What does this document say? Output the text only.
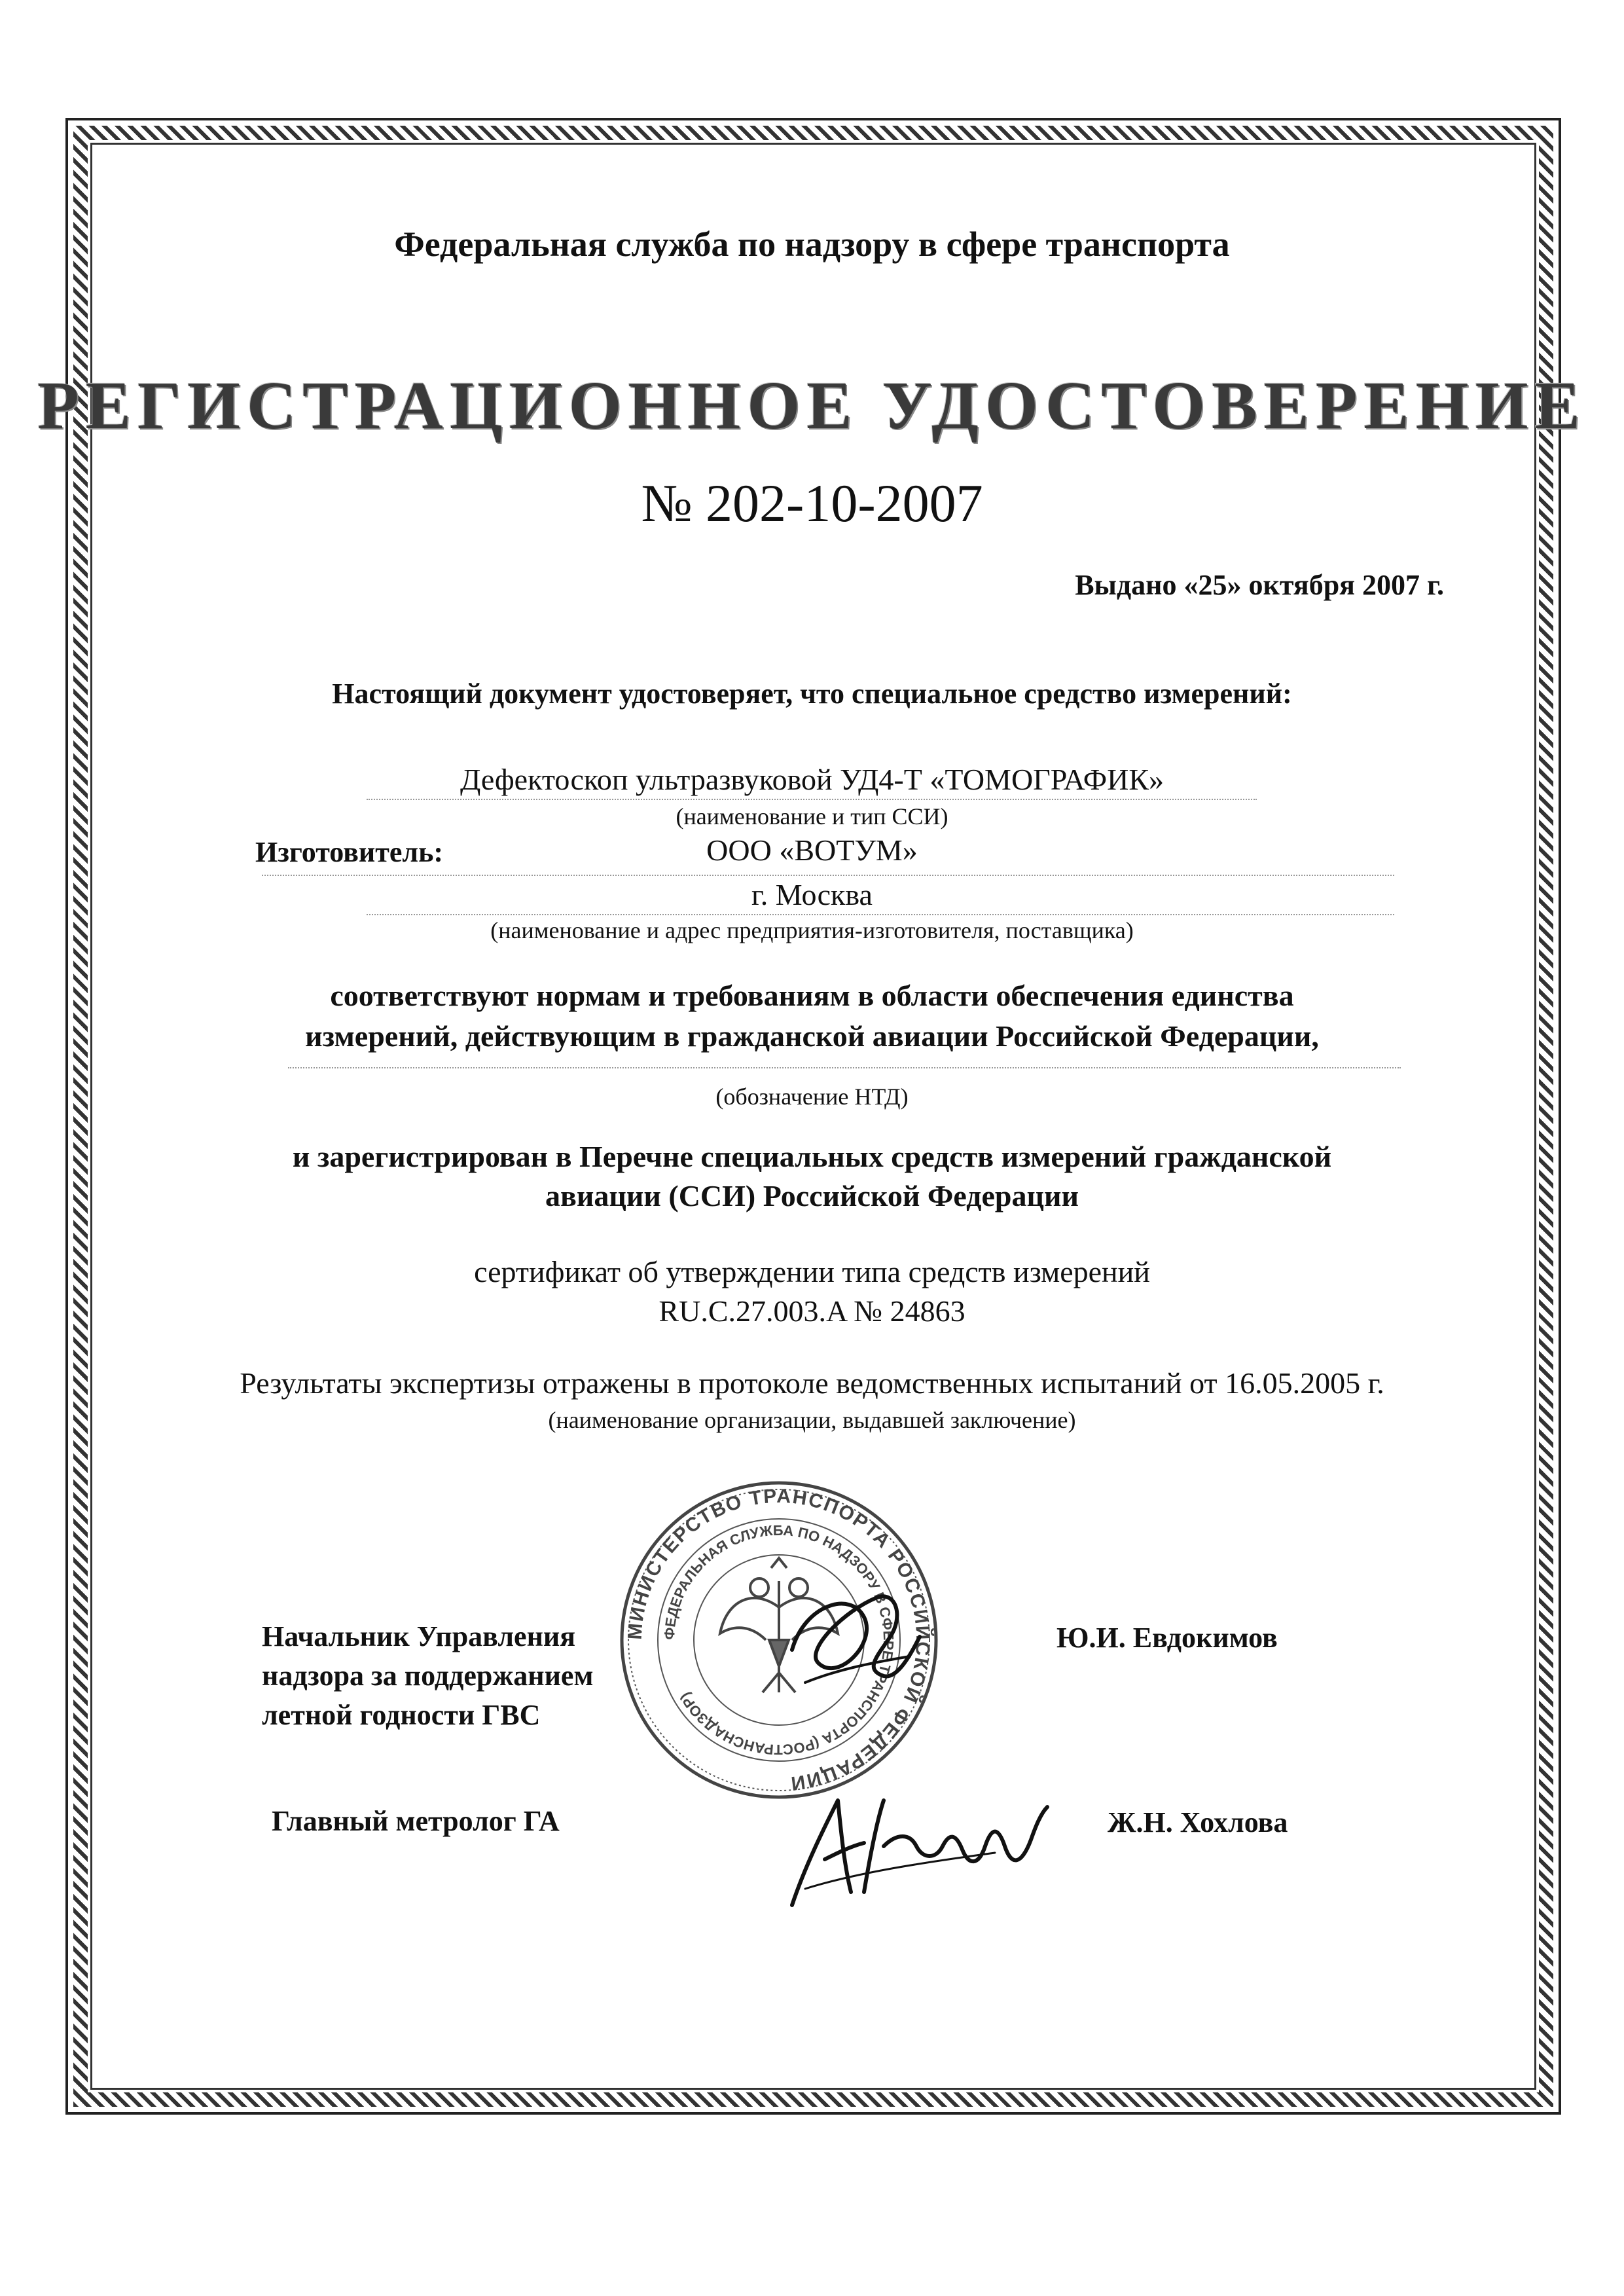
Федеральная служба по надзору в сфере транспорта
РЕГИСТРАЦИОННОЕ УДОСТОВЕРЕНИЕ
№ 202-10-2007
Выдано «25» октября 2007 г.
Настоящий документ удостоверяет, что специальное средство измерений:
Дефектоскоп ультразвуковой УД4-Т «ТОМОГРАФИК»
(наименование и тип ССИ)
Изготовитель:	ООО «ВОТУМ»
г. Москва
(наименование и адрес предприятия-изготовителя, поставщика)
соответствуют нормам и требованиям в области обеспечения единства
измерений, действующим в гражданской авиации Российской Федерации,
(обозначение НТД)
и зарегистрирован в Перечне специальных средств измерений гражданской
авиации (ССИ) Российской Федерации
сертификат об утверждении типа средств измерений
RU.C.27.003.A № 24863
Результаты экспертизы отражены в протоколе ведомственных испытаний от 16.05.2005 г.
(наименование организации, выдавшей заключение)
Начальник Управления
надзора за поддержанием
летной годности ГВС
Ю.И. Евдокимов
Главный метролог ГА	Ж.Н. Хохлова
МИНИСТЕРСТВО ТРАНСПОРТА РОССИЙСКОЙ ФЕДЕРАЦИИ
ФЕДЕРАЛЬНАЯ СЛУЖБА ПО НАДЗОРУ В СФЕРЕ ТРАНСПОРТА (РОСТРАНСНАДЗОР)
